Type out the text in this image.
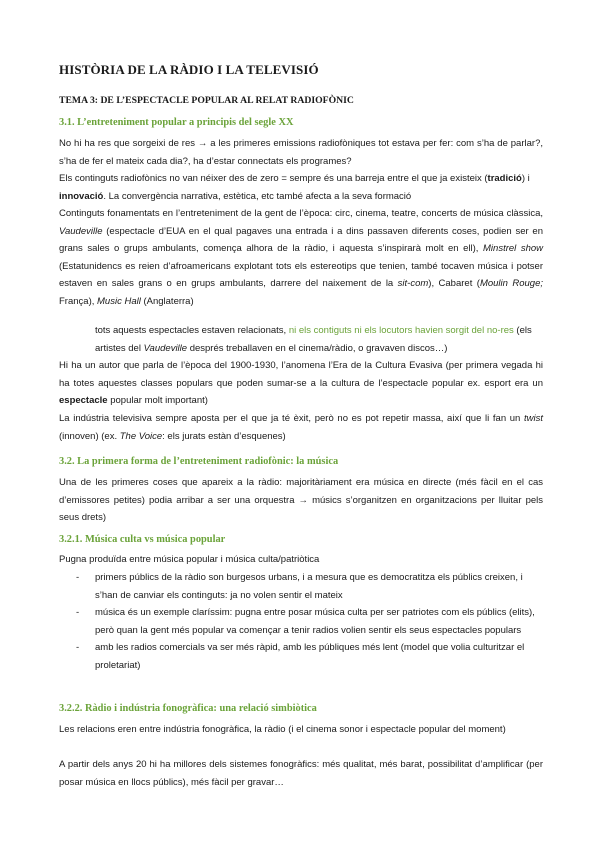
HISTÒRIA DE LA RÀDIO I LA TELEVISIÓ
TEMA 3: DE L’ESPECTACLE POPULAR AL RELAT RADIOFÒNIC
3.1. L’entreteniment popular a principis del segle XX

No hi ha res que sorgeixi de res → a les primeres emissions radiofòniques tot estava per fer: com s’ha de parlar?, s’ha de fer el mateix cada dia?, ha d’estar connectats els programes?

Els continguts radiofònics no van néixer des de zero = sempre és una barreja entre el que ja existeix (tradició) i innovació. La convergència narrativa, estètica, etc també afecta a la seva formació

Continguts fonamentats en l’entreteniment de la gent de l’època: circ, cinema, teatre, concerts de música clàssica, Vaudeville (espectacle d’EUA en el qual pagaves una entrada i a dins passaven diferents coses, podien ser en grans sales o grups ambulants, comença alhora de la ràdio, i aquesta s’inspirarà molt en ell), Minstrel show (Estatunidencs es reien d’afroamericans explotant tots els estereotips que tenien, també tocaven música i potser estaven en sales grans o en grups ambulants, darrere del naixement de la sit-com), Cabaret (Moulin Rouge; França), Music Hall (Anglaterra)

tots aquests espectacles estaven relacionats, ni els contiguts ni els locutors havien sorgit del no-res (els artistes del Vaudeville després treballaven en el cinema/ràdio, o gravaven discos…)

Hi ha un autor que parla de l’època del 1900-1930, l’anomena l’Era de la Cultura Evasiva (per primera vegada hi ha totes aquestes classes populars que poden sumar-se a la cultura de l’espectacle popular ex. esport era un espectacle popular molt important)

La indústria televisiva sempre aposta per el que ja té èxit, però no es pot repetir massa, així que li fan un twist (innoven) (ex. The Voice: els jurats estàn d’esquenes)

3.2. La primera forma de l’entreteniment radiofònic: la música

Una de les primeres coses que apareix a la ràdio: majoritàriament era música en directe (més fàcil en el cas d’emissores petites) podia arribar a ser una orquestra → músics s’organitzen en organitzacions per lluitar pels seus drets)

3.2.1. Música culta vs música popular

Pugna produïda entre música popular i música culta/patriòtica

- primers públics de la ràdio son burgesos urbans, i a mesura que es democratitza els públics creixen, i s’han de canviar els continguts: ja no volen sentir el mateix
- música és un exemple claríssim: pugna entre posar música culta per ser patriotes com els públics (elits), però quan la gent més popular va començar a tenir radios volien sentir els seus espectacles populars
- amb les radios comercials va ser més ràpid, amb les públiques més lent (model que volia culturitzar el proletariat)
3.2.2. Ràdio i indústria fonogràfica: una relació simbiòtica

Les relacions eren entre indústria fonogràfica, la ràdio (i el cinema sonor i espectacle popular del moment)

A partir dels anys 20 hi ha millores dels sistemes fonogràfics: més qualitat, més barat, possibilitat d’amplificar (per posar música en llocs públics), més fàcil per gravar…
